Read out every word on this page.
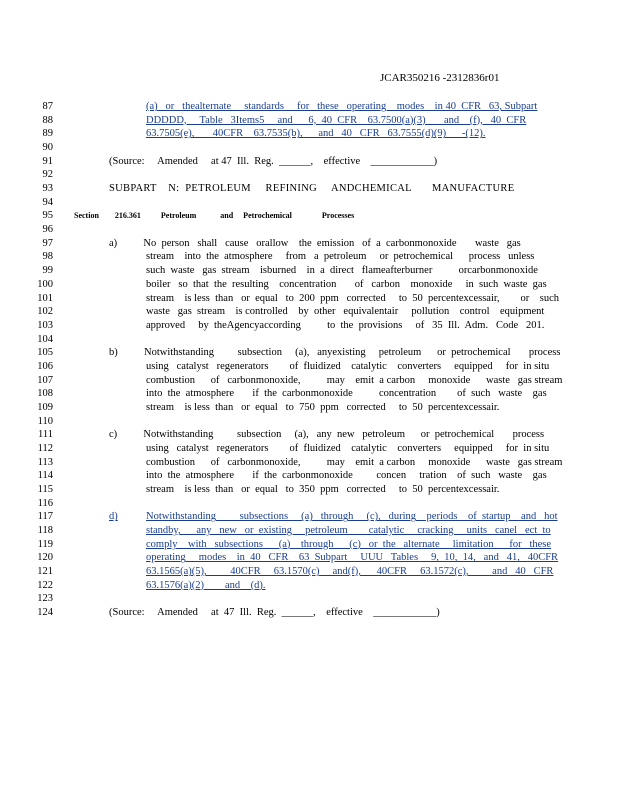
JCAR350216 -2312836r01
87	(a)   or   thealternate     standards     for   these   operating    modes    in 40  CFR   63, Subpart
88	DDDDD,     Table   3Items5     and      6,  40  CFR    63.7500(a)(3)       and    (f),   40  CFR
89	63.7505(e),       40CFR    63.7535(b),      and   40   CFR   63.7555(d)(9)      -(12).
90
91	(Source:     Amended     at 47  Ill.  Reg.  ______,    effective    ____________)
92
93	SUBPART    N:  PETROLEUM     REFINING     ANDCHEMICAL       MANUFACTURE
94
95	Section        216.361          Petroleum            and     Petrochemical               Processes
96
97	a)          No  person   shall   cause   orallow    the  emission   of  a  carbonmonoxide       waste   gas
98	stream    into  the  atmosphere     from   a  petroleum     or  petrochemical      process   unless
99	such  waste   gas  stream    isburned    in  a  direct   flameafterburner          orcarbonmonoxide
100	boiler   so  that  the  resulting    concentration       of   carbon    monoxide     in  such  waste  gas
101	stream    is less  than   or  equal   to  200  ppm   corrected     to  50  percentexcessair,        or    such
102	waste   gas  stream    is controlled    by  other   equivalentair     pollution    control    equipment
103	approved     by  theAgencyaccording          to  the  provisions     of   35  Ill.  Adm.   Code   201.
104
105	b)          Notwithstanding         subsection     (a),   anyexisting     petroleum      or  petrochemical       process
106	using   catalyst   regenerators        of  fluidized    catalytic    converters     equipped     for  in situ
107	combustion      of   carbonmonoxide,          may    emit  a carbon     monoxide      waste   gas stream
108	into  the  atmosphere       if  the  carbonmonoxide          concentration        of  such   waste    gas
109	stream    is less  than   or  equal   to  750  ppm   corrected     to  50  percentexcessair.
110
111	c)          Notwithstanding         subsection     (a),   any  new   petroleum      or  petrochemical       process
112	using   catalyst   regenerators        of  fluidized    catalytic    converters     equipped     for  in situ
113	combustion      of   carbonmonoxide,          may    emit  a carbon     monoxide      waste   gas stream
114	into  the  atmosphere       if  the  carbonmonoxide         concen     tration    of  such   waste    gas
115	stream    is less  than   or  equal   to  350  ppm   corrected     to  50  percentexcessair.
116
117	d)	Notwithstanding         subsections     (a)   through     (c),   during    periods    of  startup    and   hot
118	standby,      any   new   or  existing     petroleum        catalytic     cracking     units   canel   ect  to
119	comply    with   subsections      (a)    through      (c)   or  the   alternate     limitation      for   these
120	operating     modes    in  40   CFR    63  Subpart     UUU   Tables     9,  10,  14,   and   41,   40CFR
121	63.1565(a)(5),         40CFR     63.1570(c)     and(f),      40CFR     63.1572(c),         and   40   CFR
122	63.1576(a)(2)        and    (d).
123
124	(Source:     Amended     at  47  Ill.  Reg.  ______,    effective    ____________)
